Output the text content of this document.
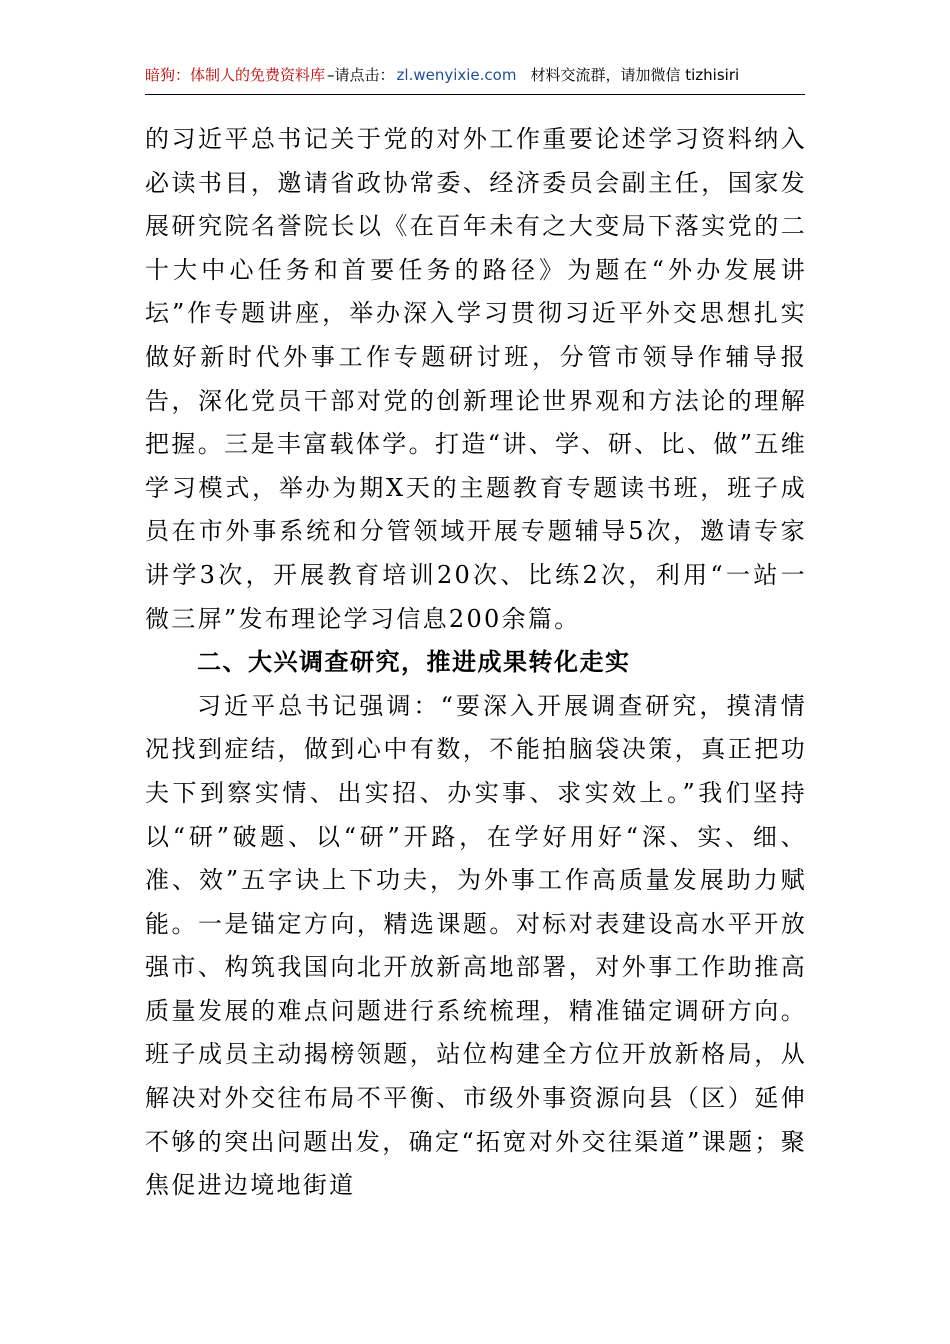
暗狗：体制人的免费资料库 –请点击： zl.wenyixie.com 材料交流群，请加微信 tizhisiri

的习近平总书记关于党的对外工作重要论述学习资料纳入必读书目，邀请省政协常委、经济委员会副主任，国家发展研究院名誉院长以《在百年未有之大变局下落实党的二十大中心任务和首要任务的路径》为题在“外办发展讲坛”作专题讲座，举办深入学习贯彻习近平外交思想扎实做好新时代外事工作专题研讨班，分管市领导作辅导报告，深化党员干部对党的创新理论世界观和方法论的理解把握。三是丰富载体学。打造“讲、学、研、比、做”五维学习模式，举办为期X天的主题教育专题读书班，班子成员在市外事系统和分管领域开展专题辅导5次，邀请专家讲学3次，开展教育培训20次、比练2次，利用“一站一微三屏”发布理论学习信息200余篇。

二、大兴调查研究，推进成果转化走实

习近平总书记强调：“要深入开展调查研究，摸清情况找到症结，做到心中有数，不能拍脑袋决策，真正把功夫下到察实情、出实招、办实事、求实效上。”我们坚持以“研”破题、以“研”开路，在学好用好“深、实、细、准、效”五字诀上下功夫，为外事工作高质量发展助力赋能。一是锚定方向，精选课题。对标对表建设高水平开放强市、构筑我国向北开放新高地部署，对外事工作助推高质量发展的难点问题进行系统梳理，精准锚定调研方向。班子成员主动揭榜领题，站位构建全方位开放新格局，从解决对外交往布局不平衡、市级外事资源向县（区）延伸不够的突出问题出发，确定“拓宽对外交往渠道”课题；聚焦促进边境地街道
